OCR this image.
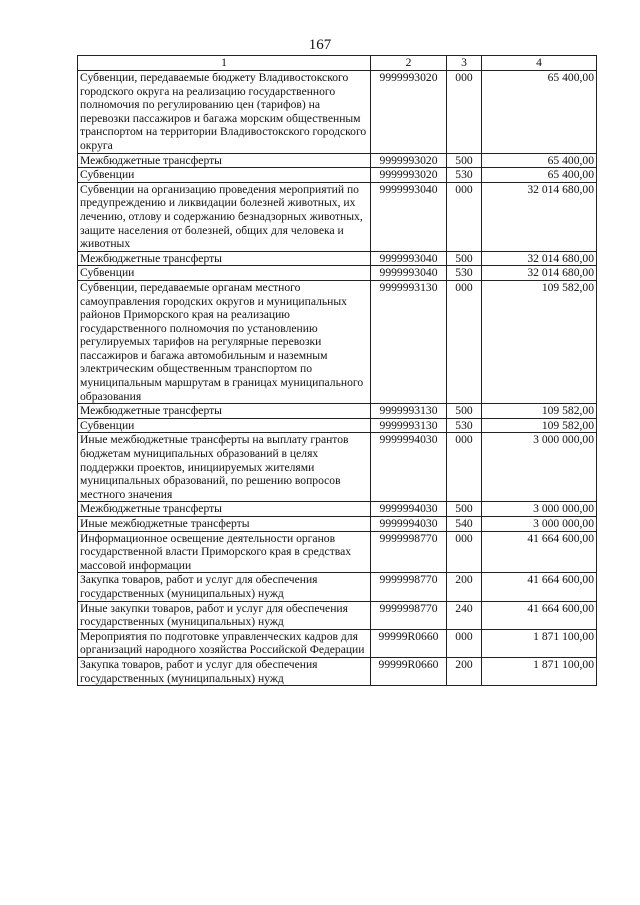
167
1	2	3	4
Субвенции, передаваемые бюджету Владивостокского городского округа на реализацию государственного полномочия по регулированию цен (тарифов) на перевозки пассажиров и багажа морским общественным транспортом на территории Владивостокского городского округа	9999993020	000	65 400,00
Межбюджетные трансферты	9999993020	500	65 400,00
Субвенции	9999993020	530	65 400,00
Субвенции на организацию проведения мероприятий по предупреждению и ликвидации болезней животных, их лечению, отлову и содержанию безнадзорных животных, защите населения от болезней, общих для человека и животных	9999993040	000	32 014 680,00
Межбюджетные трансферты	9999993040	500	32 014 680,00
Субвенции	9999993040	530	32 014 680,00
Субвенции, передаваемые органам местного самоуправления городских округов и муниципальных районов Приморского края на реализацию государственного полномочия по установлению регулируемых тарифов на регулярные перевозки пассажиров и багажа автомобильным и наземным электрическим общественным транспортом по муниципальным маршрутам в границах муниципального образования	9999993130	000	109 582,00
Межбюджетные трансферты	9999993130	500	109 582,00
Субвенции	9999993130	530	109 582,00
Иные межбюджетные трансферты на выплату грантов бюджетам муниципальных образований в целях поддержки проектов, инициируемых жителями муниципальных образований, по решению вопросов местного значения	9999994030	000	3 000 000,00
Межбюджетные трансферты	9999994030	500	3 000 000,00
Иные межбюджетные трансферты	9999994030	540	3 000 000,00
Информационное освещение деятельности органов государственной власти Приморского края в средствах массовой информации	9999998770	000	41 664 600,00
Закупка товаров, работ и услуг для обеспечения государственных (муниципальных) нужд	9999998770	200	41 664 600,00
Иные закупки товаров, работ и услуг для обеспечения государственных (муниципальных) нужд	9999998770	240	41 664 600,00
Мероприятия по подготовке управленческих кадров для организаций народного хозяйства Российской Федерации	99999R0660	000	1 871 100,00
Закупка товаров, работ и услуг для обеспечения государственных (муниципальных) нужд	99999R0660	200	1 871 100,00
